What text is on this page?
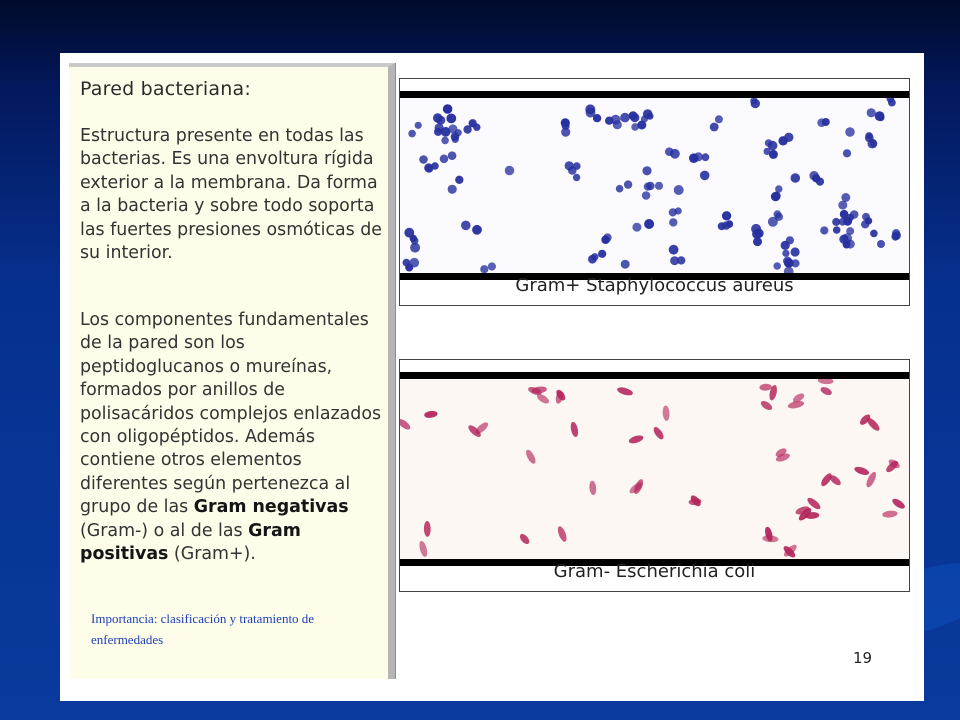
Pared bacteriana:

Estructura presente en todas las bacterias. Es una envoltura rígida exterior a la membrana. Da forma a la bacteria y sobre todo soporta las fuertes presiones osmóticas de su interior.

Los componentes fundamentales de la pared son los peptidoglucanos o mureínas, formados por anillos de polisacáridos complejos enlazados con oligopéptidos. Además contiene otros elementos diferentes según pertenezca al grupo de las Gram negativas (Gram-) o al de las Gram positivas (Gram+).

Importancia: clasificación y tratamiento de enfermedades
Gram+ Staphylococcus aureus
Gram- Escherichia coli
19
